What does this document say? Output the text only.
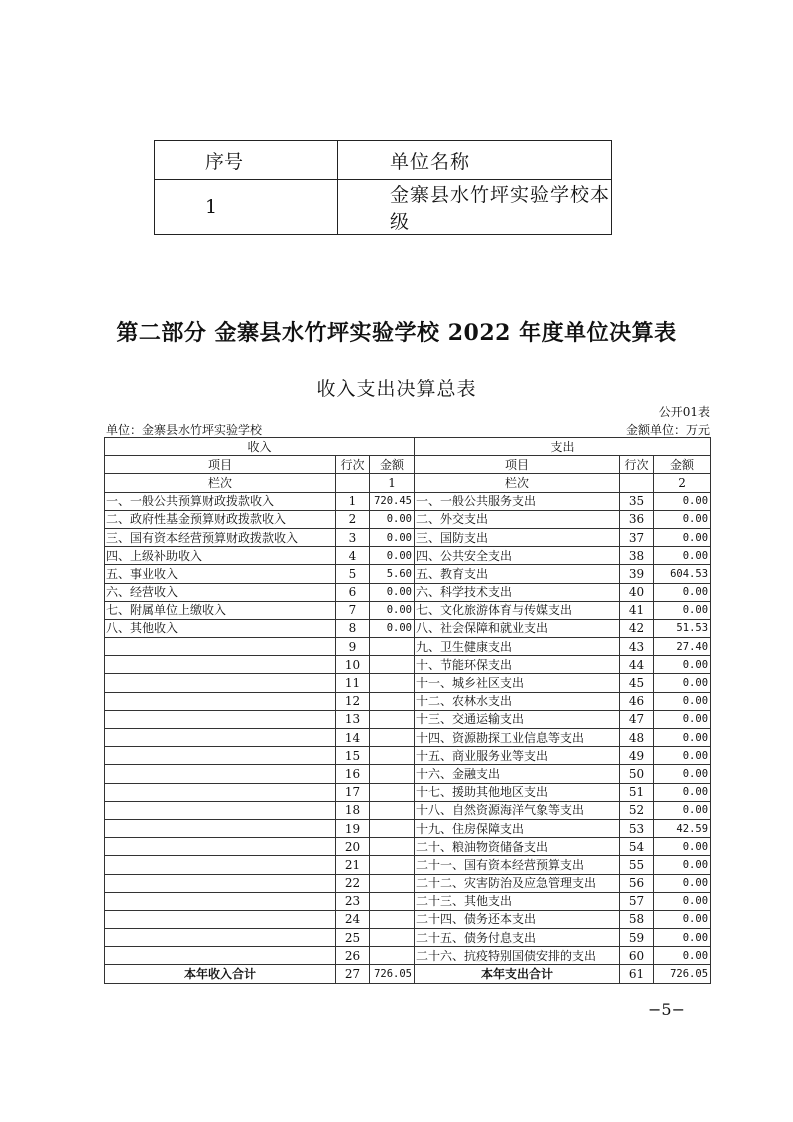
序号	单位名称
1	金寨县水竹坪实验学校本级
第二部分 金寨县水竹坪实验学校 2022 年度单位决算表
收入支出决算总表
公开01表
单位：金寨县水竹坪实验学校	金额单位：万元
收入			支出		
项目	行次	金额	项目	行次	金额
栏次		1	栏次		2
一、一般公共预算财政拨款收入	1	720.45	一、一般公共服务支出	35	0.00
二、政府性基金预算财政拨款收入	2	0.00	二、外交支出	36	0.00
三、国有资本经营预算财政拨款收入	3	0.00	三、国防支出	37	0.00
四、上级补助收入	4	0.00	四、公共安全支出	38	0.00
五、事业收入	5	5.60	五、教育支出	39	604.53
六、经营收入	6	0.00	六、科学技术支出	40	0.00
七、附属单位上缴收入	7	0.00	七、文化旅游体育与传媒支出	41	0.00
八、其他收入	8	0.00	八、社会保障和就业支出	42	51.53
	9		九、卫生健康支出	43	27.40
	10		十、节能环保支出	44	0.00
	11		十一、城乡社区支出	45	0.00
	12		十二、农林水支出	46	0.00
	13		十三、交通运输支出	47	0.00
	14		十四、资源勘探工业信息等支出	48	0.00
	15		十五、商业服务业等支出	49	0.00
	16		十六、金融支出	50	0.00
	17		十七、援助其他地区支出	51	0.00
	18		十八、自然资源海洋气象等支出	52	0.00
	19		十九、住房保障支出	53	42.59
	20		二十、粮油物资储备支出	54	0.00
	21		二十一、国有资本经营预算支出	55	0.00
	22		二十二、灾害防治及应急管理支出	56	0.00
	23		二十三、其他支出	57	0.00
	24		二十四、债务还本支出	58	0.00
	25		二十五、债务付息支出	59	0.00
	26		二十六、抗疫特别国债安排的支出	60	0.00
本年收入合计	27	726.05	本年支出合计	61	726.05
−5−
